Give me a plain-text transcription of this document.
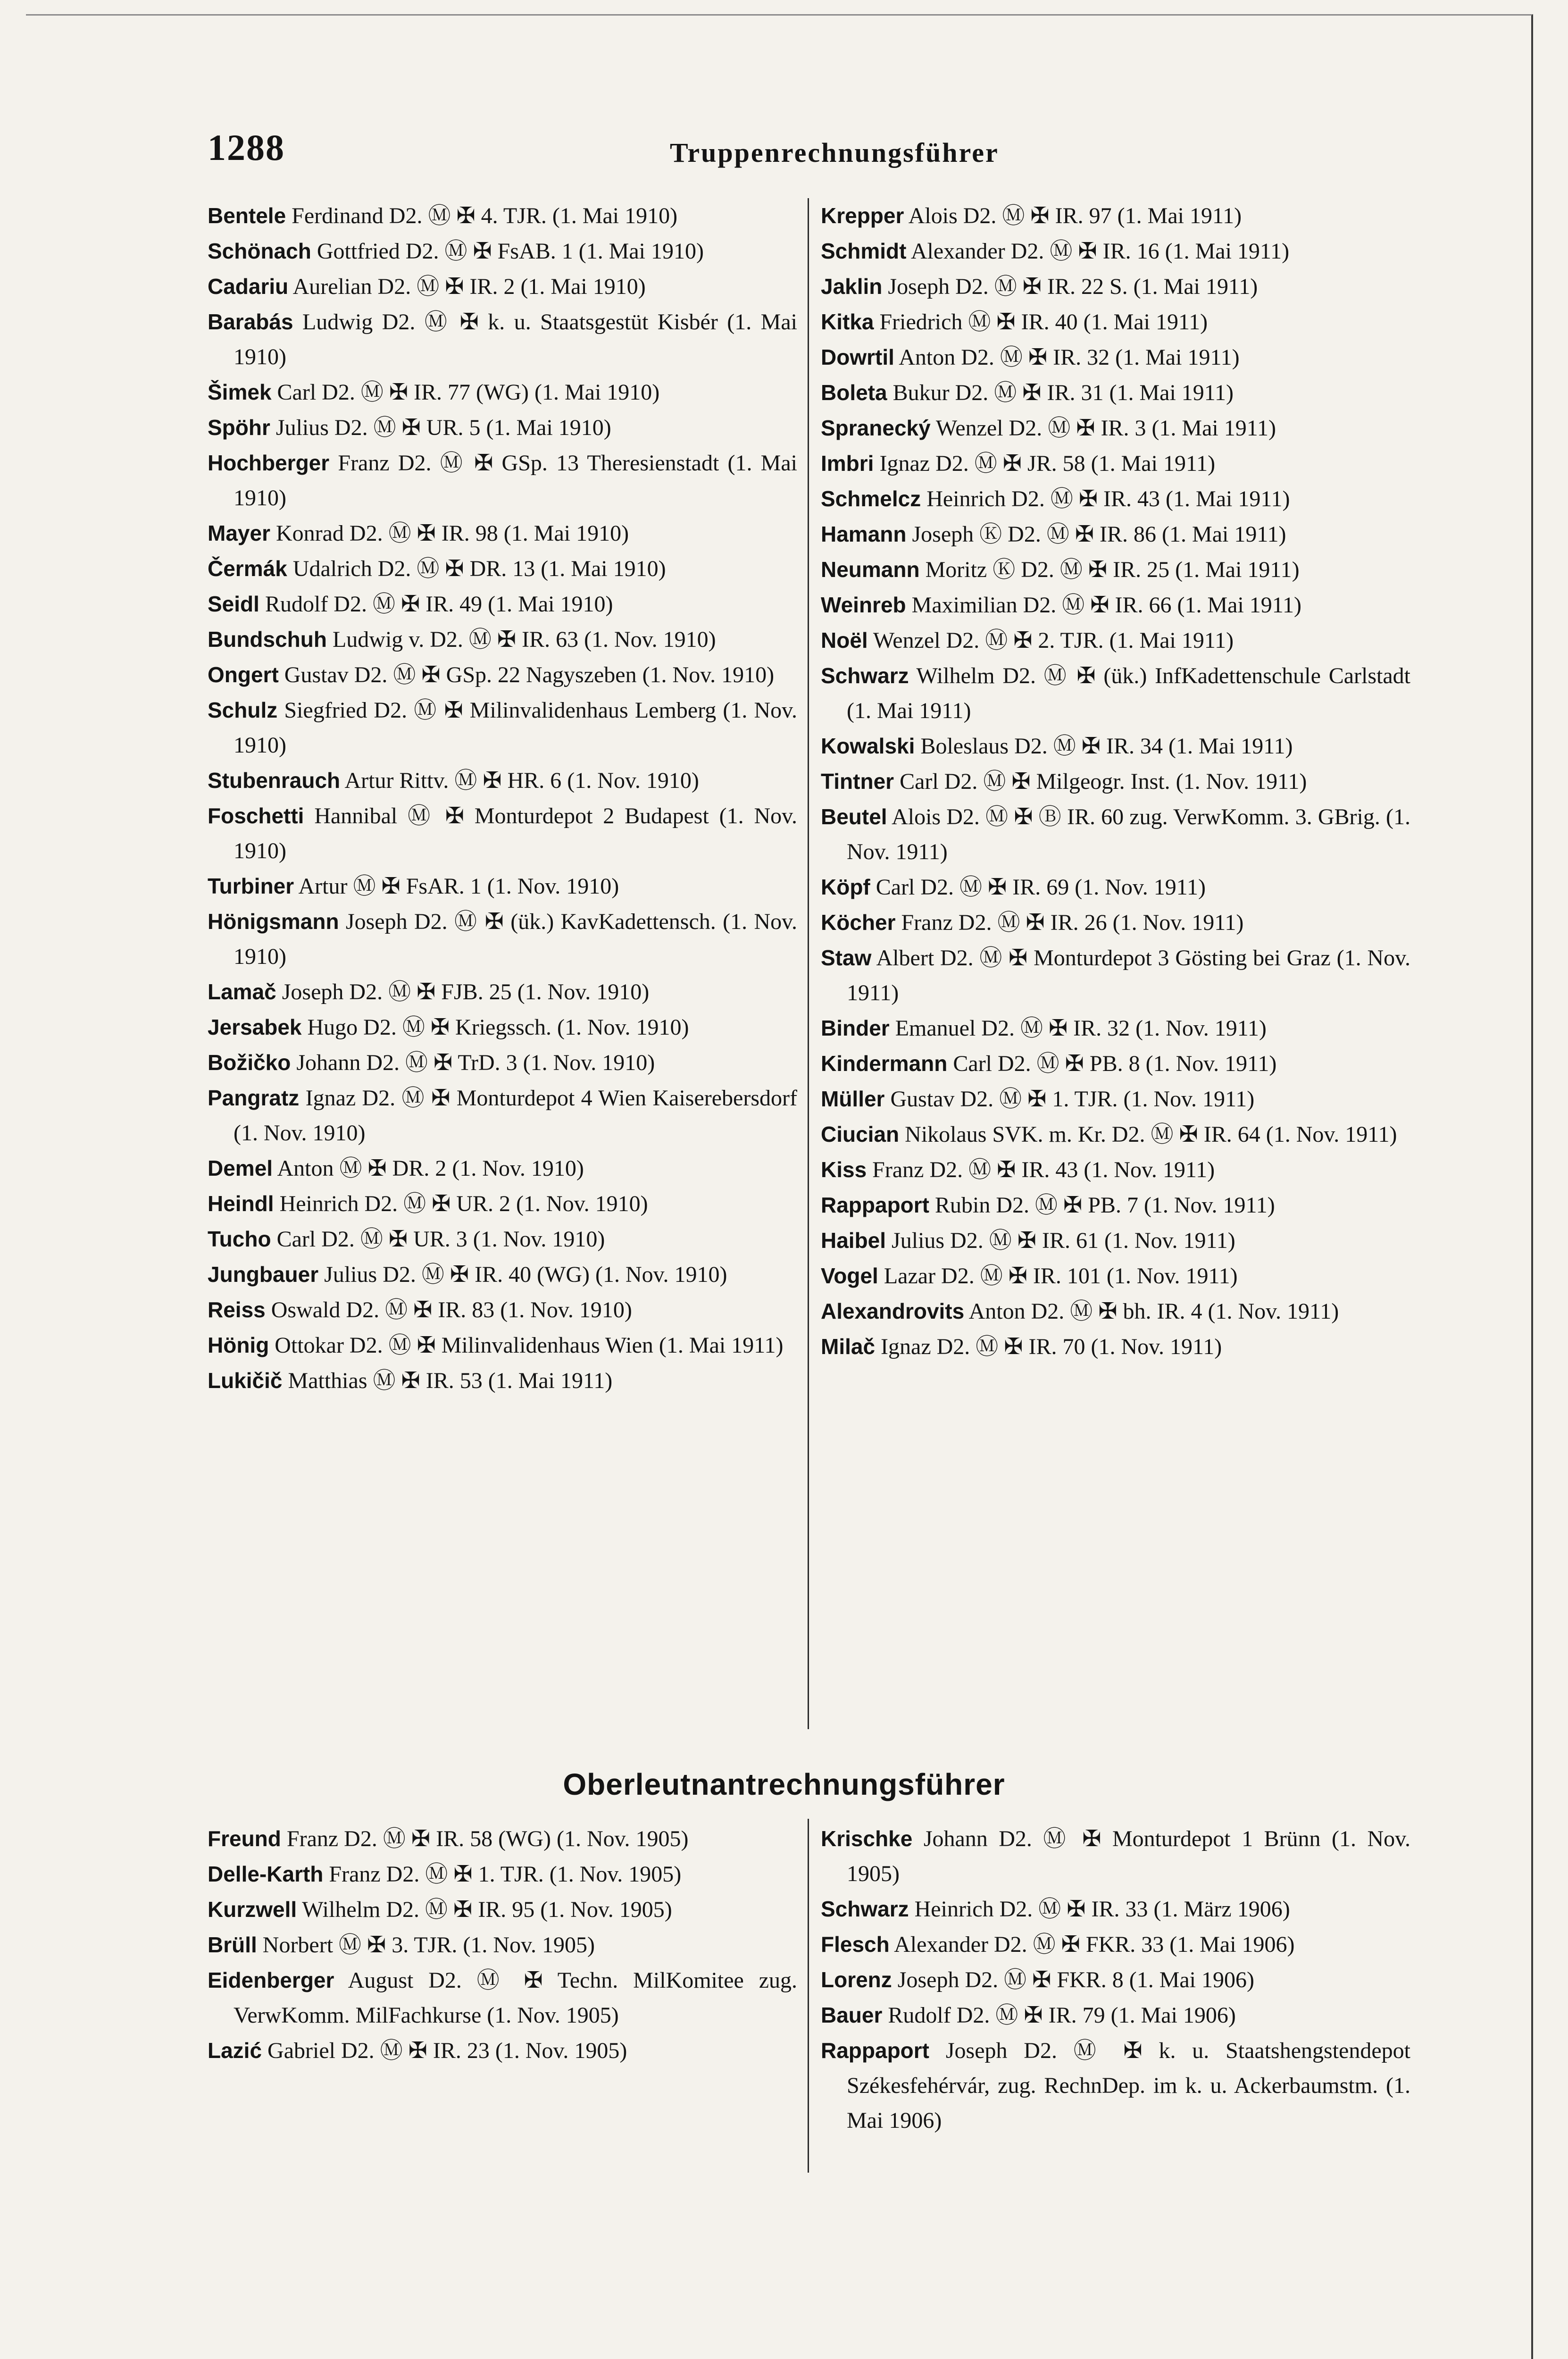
1288	Truppenrechnungsführer

Bentele Ferdinand D2. Ⓜ ✠ 4. TJR. (1. Mai 1910)

Schönach Gottfried D2. Ⓜ ✠ FsAB. 1 (1. Mai 1910)

Cadariu Aurelian D2. Ⓜ ✠ IR. 2 (1. Mai 1910)

Barabás Ludwig D2. Ⓜ ✠ k. u. Staatsgestüt Kisbér (1. Mai 1910)

Šimek Carl D2. Ⓜ ✠ IR. 77 (WG) (1. Mai 1910)

Spöhr Julius D2. Ⓜ ✠ UR. 5 (1. Mai 1910)

Hochberger Franz D2. Ⓜ ✠ GSp. 13 Theresienstadt (1. Mai 1910)

Mayer Konrad D2. Ⓜ ✠ IR. 98 (1. Mai 1910)

Čermák Udalrich D2. Ⓜ ✠ DR. 13 (1. Mai 1910)

Seidl Rudolf D2. Ⓜ ✠ IR. 49 (1. Mai 1910)

Bundschuh Ludwig v. D2. Ⓜ ✠ IR. 63 (1. Nov. 1910)

Ongert Gustav D2. Ⓜ ✠ GSp. 22 Nagyszeben (1. Nov. 1910)

Schulz Siegfried D2. Ⓜ ✠ Milinvalidenhaus Lemberg (1. Nov. 1910)

Stubenrauch Artur Rittv. Ⓜ ✠ HR. 6 (1. Nov. 1910)

Foschetti Hannibal Ⓜ ✠ Monturdepot 2 Budapest (1. Nov. 1910)

Turbiner Artur Ⓜ ✠ FsAR. 1 (1. Nov. 1910)

Hönigsmann Joseph D2. Ⓜ ✠ (ük.) KavKadettensch. (1. Nov. 1910)

Lamač Joseph D2. Ⓜ ✠ FJB. 25 (1. Nov. 1910)

Jersabek Hugo D2. Ⓜ ✠ Kriegssch. (1. Nov. 1910)

Božičko Johann D2. Ⓜ ✠ TrD. 3 (1. Nov. 1910)

Pangratz Ignaz D2. Ⓜ ✠ Monturdepot 4 Wien Kaiserebersdorf (1. Nov. 1910)

Demel Anton Ⓜ ✠ DR. 2 (1. Nov. 1910)

Heindl Heinrich D2. Ⓜ ✠ UR. 2 (1. Nov. 1910)

Tucho Carl D2. Ⓜ ✠ UR. 3 (1. Nov. 1910)

Jungbauer Julius D2. Ⓜ ✠ IR. 40 (WG) (1. Nov. 1910)

Reiss Oswald D2. Ⓜ ✠ IR. 83 (1. Nov. 1910)

Hönig Ottokar D2. Ⓜ ✠ Milinvalidenhaus Wien (1. Mai 1911)

Lukičič Matthias Ⓜ ✠ IR. 53 (1. Mai 1911)

Krepper Alois D2. Ⓜ ✠ IR. 97 (1. Mai 1911)

Schmidt Alexander D2. Ⓜ ✠ IR. 16 (1. Mai 1911)

Jaklin Joseph D2. Ⓜ ✠ IR. 22 S. (1. Mai 1911)

Kitka Friedrich Ⓜ ✠ IR. 40 (1. Mai 1911)

Dowrtil Anton D2. Ⓜ ✠ IR. 32 (1. Mai 1911)

Boleta Bukur D2. Ⓜ ✠ IR. 31 (1. Mai 1911)

Spranecký Wenzel D2. Ⓜ ✠ IR. 3 (1. Mai 1911)

Imbri Ignaz D2. Ⓜ ✠ JR. 58 (1. Mai 1911)

Schmelcz Heinrich D2. Ⓜ ✠ IR. 43 (1. Mai 1911)

Hamann Joseph Ⓚ D2. Ⓜ ✠ IR. 86 (1. Mai 1911)

Neumann Moritz Ⓚ D2. Ⓜ ✠ IR. 25 (1. Mai 1911)

Weinreb Maximilian D2. Ⓜ ✠ IR. 66 (1. Mai 1911)

Noël Wenzel D2. Ⓜ ✠ 2. TJR. (1. Mai 1911)

Schwarz Wilhelm D2. Ⓜ ✠ (ük.) InfKadettenschule Carlstadt (1. Mai 1911)

Kowalski Boleslaus D2. Ⓜ ✠ IR. 34 (1. Mai 1911)

Tintner Carl D2. Ⓜ ✠ Milgeogr. Inst. (1. Nov. 1911)

Beutel Alois D2. Ⓜ ✠ Ⓑ IR. 60 zug. VerwKomm. 3. GBrig. (1. Nov. 1911)

Köpf Carl D2. Ⓜ ✠ IR. 69 (1. Nov. 1911)

Köcher Franz D2. Ⓜ ✠ IR. 26 (1. Nov. 1911)

Staw Albert D2. Ⓜ ✠ Monturdepot 3 Gösting bei Graz (1. Nov. 1911)

Binder Emanuel D2. Ⓜ ✠ IR. 32 (1. Nov. 1911)

Kindermann Carl D2. Ⓜ ✠ PB. 8 (1. Nov. 1911)

Müller Gustav D2. Ⓜ ✠ 1. TJR. (1. Nov. 1911)

Ciucian Nikolaus SVK. m. Kr. D2. Ⓜ ✠ IR. 64 (1. Nov. 1911)

Kiss Franz D2. Ⓜ ✠ IR. 43 (1. Nov. 1911)

Rappaport Rubin D2. Ⓜ ✠ PB. 7 (1. Nov. 1911)

Haibel Julius D2. Ⓜ ✠ IR. 61 (1. Nov. 1911)

Vogel Lazar D2. Ⓜ ✠ IR. 101 (1. Nov. 1911)

Alexandrovits Anton D2. Ⓜ ✠ bh. IR. 4 (1. Nov. 1911)

Milač Ignaz D2. Ⓜ ✠ IR. 70 (1. Nov. 1911)

Oberleutnantrechnungsführer

Freund Franz D2. Ⓜ ✠ IR. 58 (WG) (1. Nov. 1905)

Delle-Karth Franz D2. Ⓜ ✠ 1. TJR. (1. Nov. 1905)

Kurzwell Wilhelm D2. Ⓜ ✠ IR. 95 (1. Nov. 1905)

Brüll Norbert Ⓜ ✠ 3. TJR. (1. Nov. 1905)

Eidenberger August D2. Ⓜ ✠ Techn. MilKomitee zug. VerwKomm. MilFachkurse (1. Nov. 1905)

Lazić Gabriel D2. Ⓜ ✠ IR. 23 (1. Nov. 1905)

Krischke Johann D2. Ⓜ ✠ Monturdepot 1 Brünn (1. Nov. 1905)

Schwarz Heinrich D2. Ⓜ ✠ IR. 33 (1. März 1906)

Flesch Alexander D2. Ⓜ ✠ FKR. 33 (1. Mai 1906)

Lorenz Joseph D2. Ⓜ ✠ FKR. 8 (1. Mai 1906)

Bauer Rudolf D2. Ⓜ ✠ IR. 79 (1. Mai 1906)

Rappaport Joseph D2. Ⓜ ✠ k. u. Staatshengstendepot Székesfehérvár, zug. RechnDep. im k. u. Ackerbaumstm. (1. Mai 1906)
